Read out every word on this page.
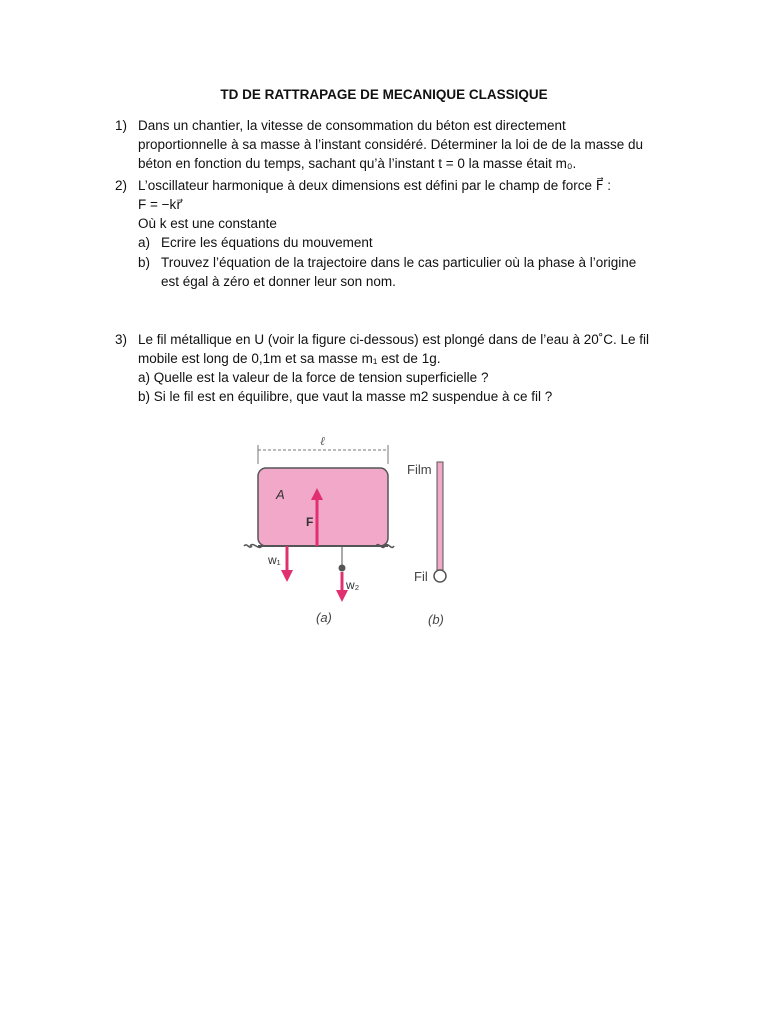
TD DE RATTRAPAGE DE MECANIQUE CLASSIQUE
1) Dans un chantier, la vitesse de consommation du béton est directement
proportionnelle à sa masse à l’instant considéré. Déterminer la loi de de la masse du
béton en fonction du temps, sachant qu’à l’instant t = 0 la masse était m₀.
2) L’oscillateur harmonique à deux dimensions est défini par le champ de force F⃗ :
F = −kr⃗
Où k est une constante
a) Ecrire les équations du mouvement
b) Trouvez l’équation de la trajectoire dans le cas particulier où la phase à l’origine
est égal à zéro et donner leur son nom.
3) Le fil métallique en U (voir la figure ci-dessous) est plongé dans de l’eau à 20˚C. Le fil
mobile est long de 0,1m et sa masse m₁ est de 1g.
a) Quelle est la valeur de la force de tension superficielle ?
b) Si le fil est en équilibre, que vaut la masse m2 suspendue à ce fil ?
ℓ
A
F
w₁
w₂
Film
Fil
(a)	(b)
